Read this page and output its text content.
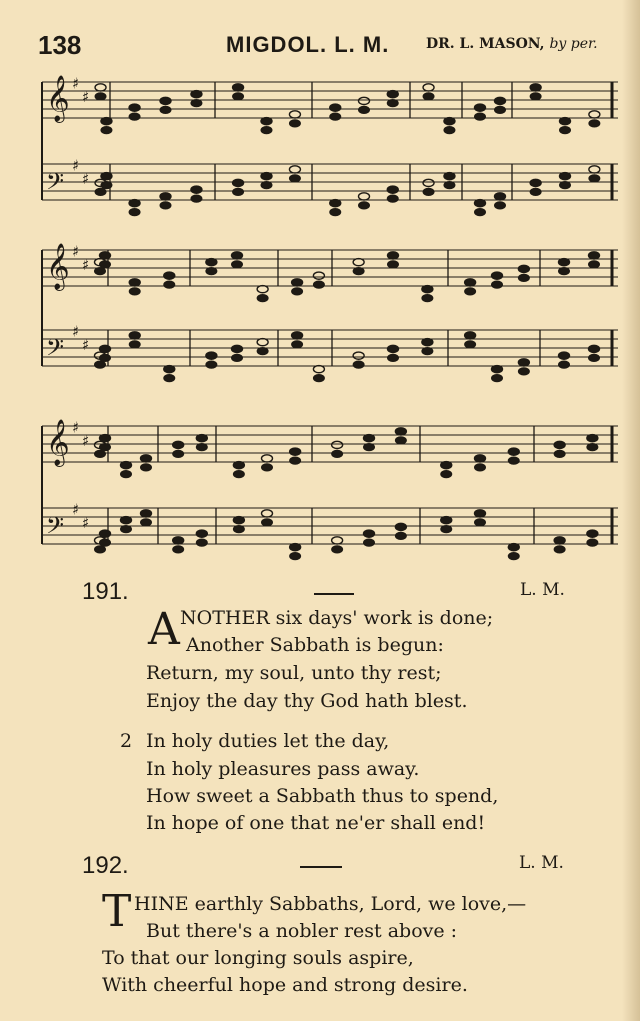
138	MIGDOL. L. M.	DR. L. MASON, by per.
𝄞 ♯
♯
𝄢
♯
♯
𝄞 ♯
♯
𝄢
♯
♯
𝄞 ♯
♯
𝄢
♯
♯
191.	L. M.
A NOTHER six days' work is done;
Another Sabbath is begun:
Return, my soul, unto thy rest;
Enjoy the day thy God hath blest.
2 In holy duties let the day,
In holy pleasures pass away.
How sweet a Sabbath thus to spend,
In hope of one that ne'er shall end!
192.	L. M.
T HINE earthly Sabbaths, Lord, we love,—
But there's a nobler rest above :
To that our longing souls aspire,
With cheerful hope and strong desire.
